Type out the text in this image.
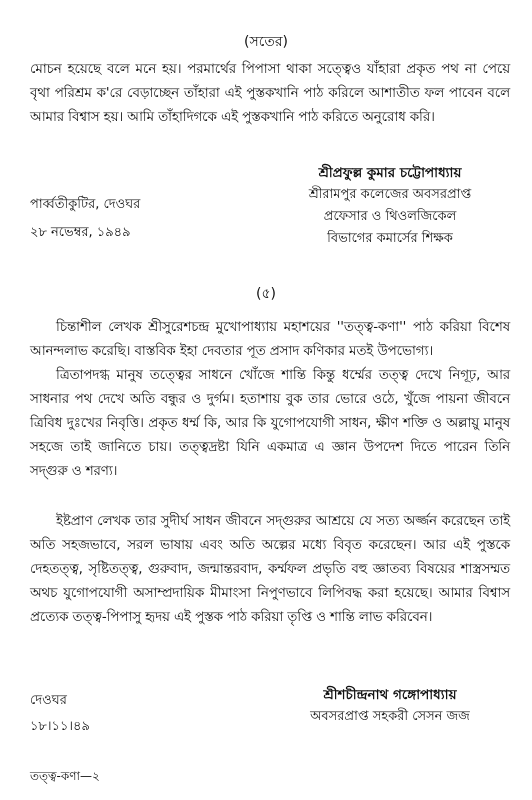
(সতের)

মোচন হয়েছে বলে মনে হয়। পরমার্থের পিপাসা থাকা সত্ত্বেও যাঁহারা প্রকৃত পথ না পেয়ে বৃথা পরিশ্রম ক'রে বেড়াচ্ছেন তাঁহারা এই পুস্তকখানি পাঠ করিলে আশাতীত ফল পাবেন বলে আমার বিশ্বাস হয়। আমি তাঁহাদিগকে এই পুস্তকখানি পাঠ করিতে অনুরোধ করি।

শ্রীপ্রফুল্ল কুমার চট্টোপাধ্যায়
শ্রীরামপুর কলেজের অবসরপ্রাপ্ত
প্রফেসার ও থিওলজিকেল
বিভাগের কমার্সের শিক্ষক
পার্ব্বতীকুটির, দেওঘর
২৮ নভেম্বর, ১৯৪৯
(৫)

চিন্তাশীল লেখক শ্রীসুরেশচন্দ্র মুখোপাধ্যায় মহাশয়ের ''তত্ত্ব-কণা'' পাঠ করিয়া বিশেষ আনন্দলাভ করেছি। বাস্তবিক ইহা দেবতার পূত প্রসাদ কণিকার মতই উপভোগ্য।

ত্রিতাপদগ্ধ মানুষ তত্ত্বের সাধনে খোঁজে শান্তি কিন্তু ধর্ম্মের তত্ত্ব দেখে নিগূঢ়, আর সাধনার পথ দেখে অতি বন্ধুর ও দুর্গম। হতাশায় বুক তার ভোরে ওঠে, খুঁজে পায়না জীবনে ত্রিবিধ দুঃখের নিবৃত্তি। প্রকৃত ধর্ম্ম কি, আর কি যুগোপযোগী সাধন, ক্ষীণ শক্তি ও অল্লায়ু মানুষ সহজে তাই জানিতে চায়। তত্ত্বদ্রষ্টা যিনি একমাত্র এ জ্ঞান উপদেশ দিতে পারেন তিনি সদ্গুরু ও শরণ্য।

ইষ্টপ্রাণ লেখক তার সুদীর্ঘ সাধন জীবনে সদ্গুরুর আশ্রয়ে যে সত্য অর্জ্জন করেছেন তাই অতি সহজভাবে, সরল ভাষায় এবং অতি অল্পের মধ্যে বিবৃত করেছেন। আর এই পুস্তকে দেহতত্ত্ব, সৃষ্টিতত্ত্ব, গুরুবাদ, জন্মান্তরবাদ, কর্ম্মফল প্রভৃতি বহু জ্ঞাতব্য বিষয়ের শাস্ত্রসম্মত অথচ যুগোপযোগী অসাম্প্রদায়িক মীমাংসা নিপুণভাবে লিপিবদ্ধ করা হয়েছে। আমার বিশ্বাস প্রত্যেক তত্ত্ব-পিপাসু হৃদয় এই পুস্তক পাঠ করিয়া তৃপ্তি ও শান্তি লাভ করিবেন।

শ্রীশচীন্দ্রনাথ গঙ্গোপাধ্যায়
অবসরপ্রাপ্ত সহকরী সেসন জজ
দেওঘর
১৮।১১।৪৯
তত্ত্ব-কণা—২
